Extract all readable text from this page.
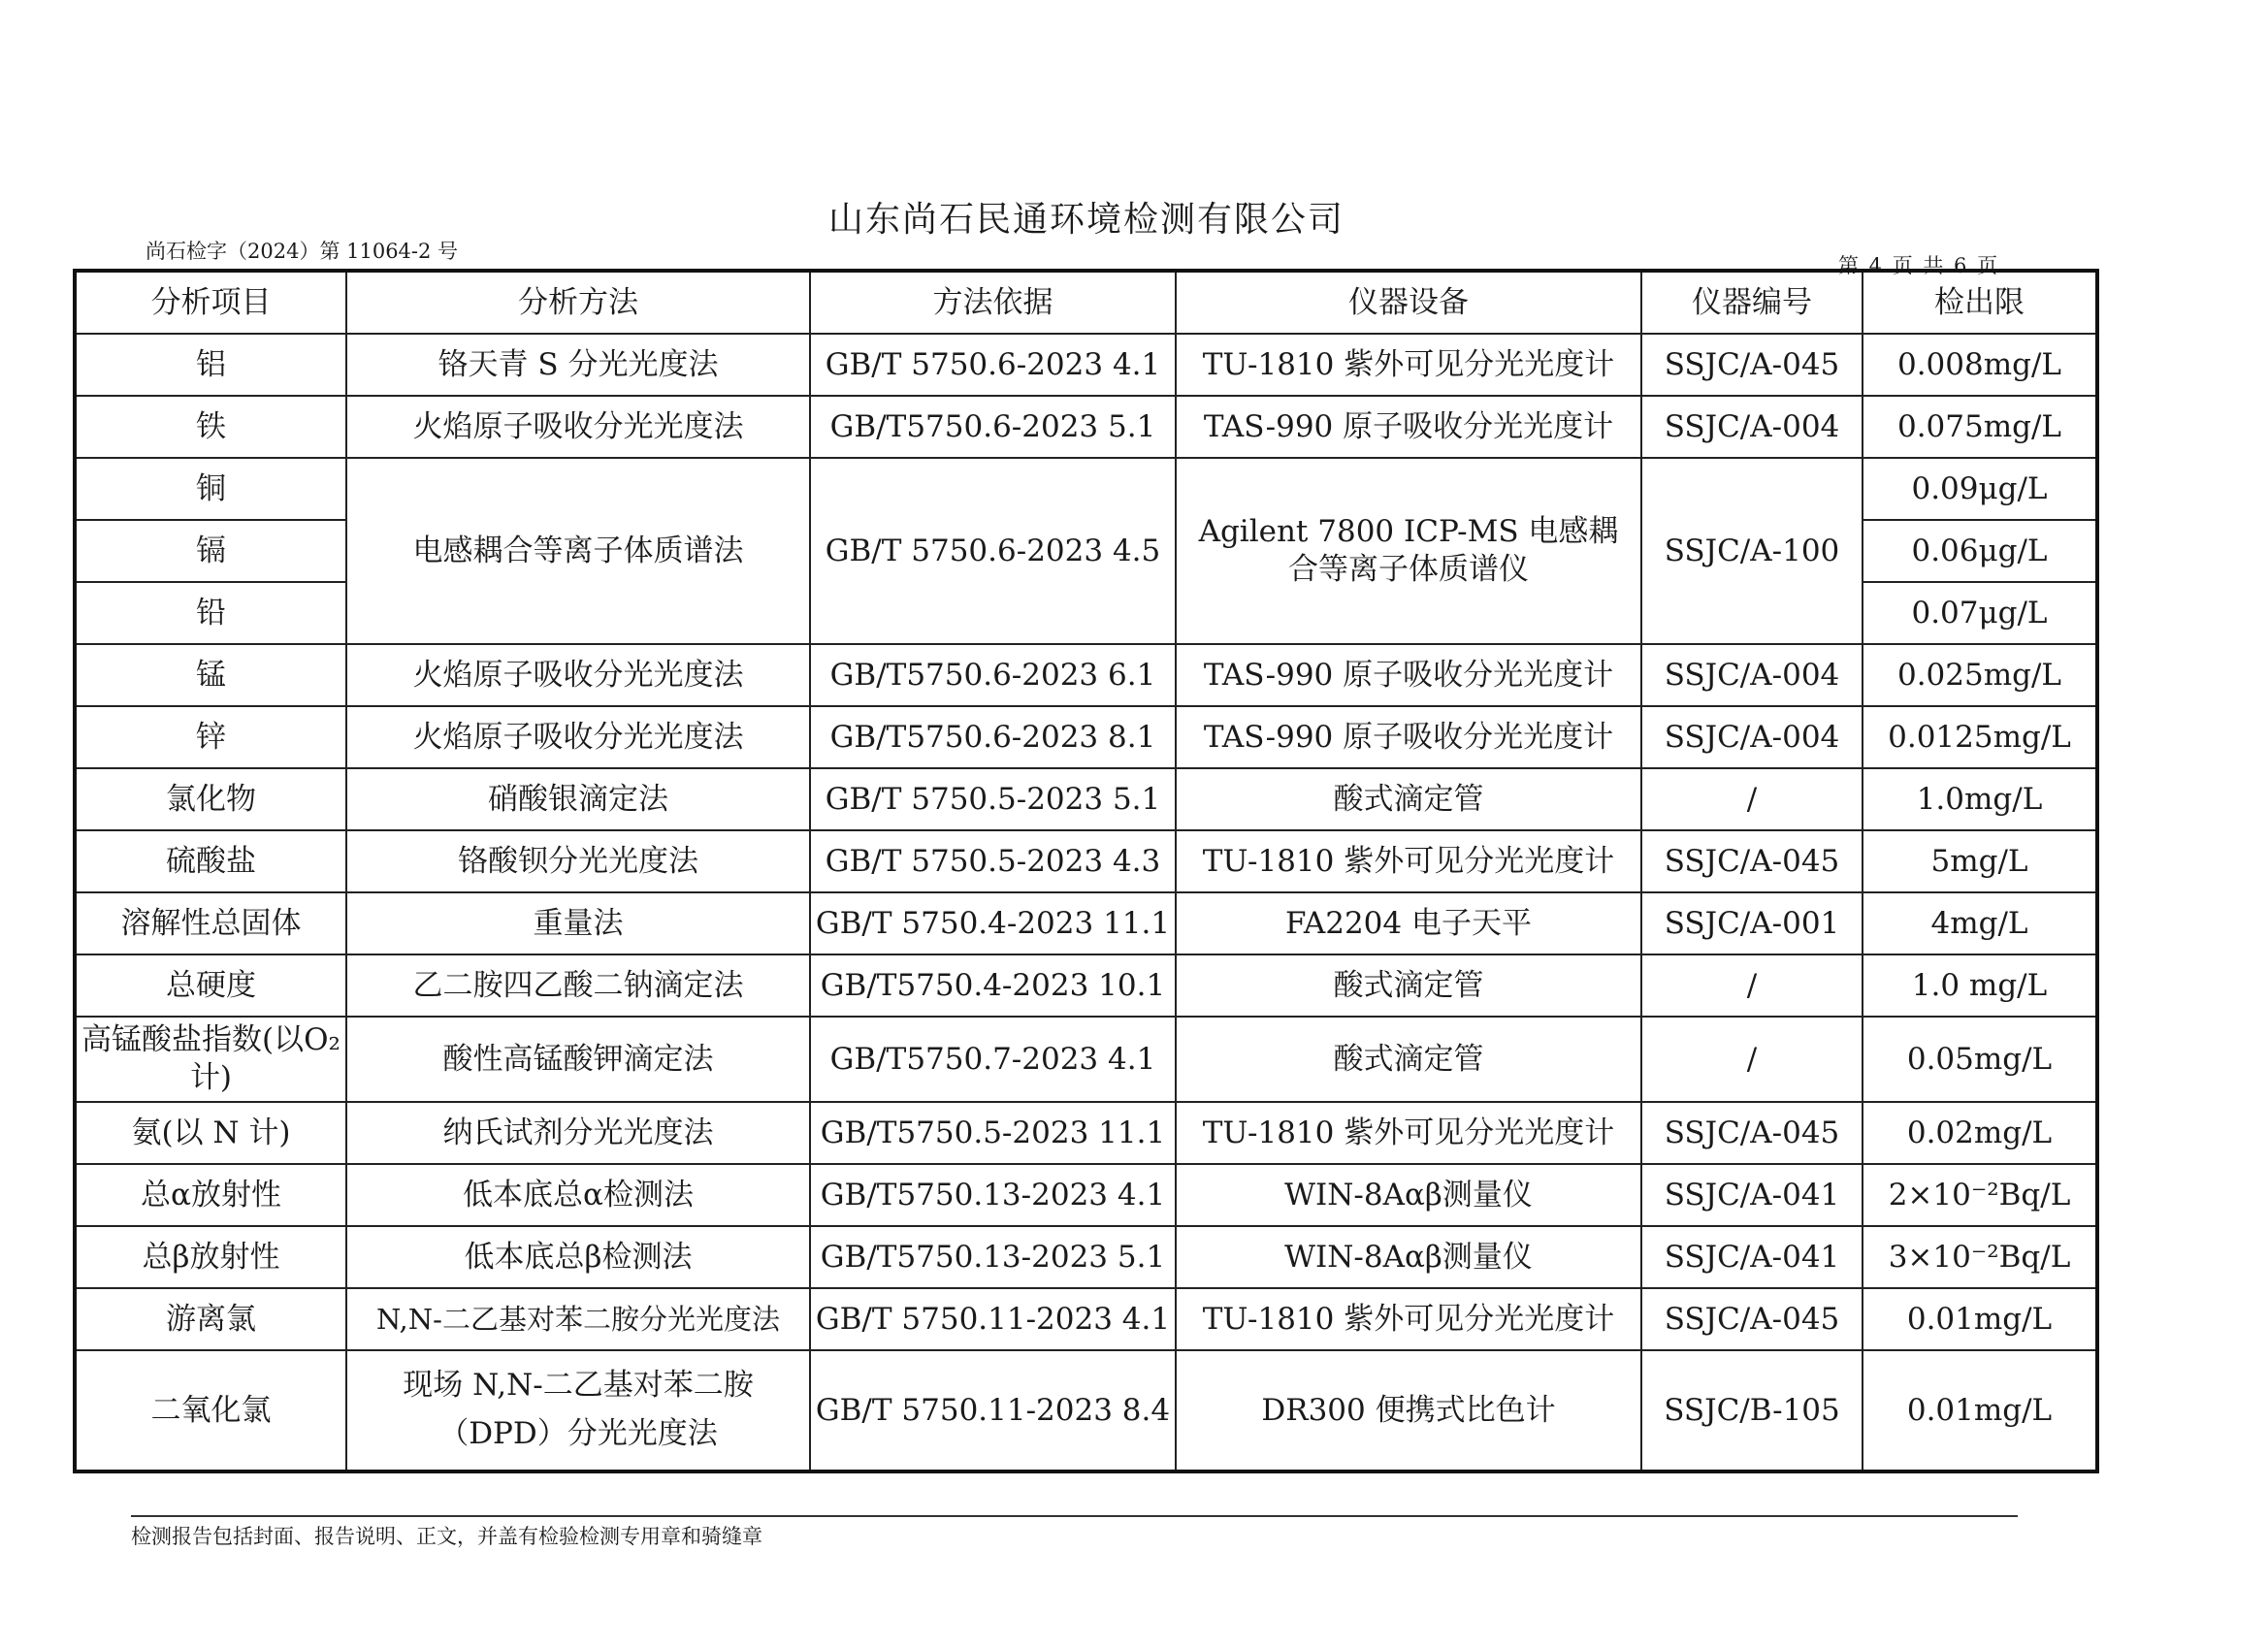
山东尚石民通环境检测有限公司
尚石检字（2024）第 11064-2 号
第 4 页 共 6 页
分析项目	分析方法	方法依据	仪器设备	仪器编号	检出限
铝	铬天青 S 分光光度法	GB/T 5750.6-2023 4.1	TU-1810 紫外可见分光光度计	SSJC/A-045	0.008mg/L
铁	火焰原子吸收分光光度法	GB/T5750.6-2023 5.1	TAS-990 原子吸收分光光度计	SSJC/A-004	0.075mg/L
铜	电感耦合等离子体质谱法	GB/T 5750.6-2023 4.5	Agilent 7800 ICP-MS 电感耦合等离子体质谱仪	SSJC/A-100	0.09μg/L
镉					0.06μg/L
铅					0.07μg/L
锰	火焰原子吸收分光光度法	GB/T5750.6-2023 6.1	TAS-990 原子吸收分光光度计	SSJC/A-004	0.025mg/L
锌	火焰原子吸收分光光度法	GB/T5750.6-2023 8.1	TAS-990 原子吸收分光光度计	SSJC/A-004	0.0125mg/L
氯化物	硝酸银滴定法	GB/T 5750.5-2023 5.1	酸式滴定管	/	1.0mg/L
硫酸盐	铬酸钡分光光度法	GB/T 5750.5-2023 4.3	TU-1810 紫外可见分光光度计	SSJC/A-045	5mg/L
溶解性总固体	重量法	GB/T 5750.4-2023 11.1	FA2204 电子天平	SSJC/A-001	4mg/L
总硬度	乙二胺四乙酸二钠滴定法	GB/T5750.4-2023 10.1	酸式滴定管	/	1.0 mg/L
高锰酸盐指数(以O₂计)	酸性高锰酸钾滴定法	GB/T5750.7-2023 4.1	酸式滴定管	/	0.05mg/L
氨(以 N 计)	纳氏试剂分光光度法	GB/T5750.5-2023 11.1	TU-1810 紫外可见分光光度计	SSJC/A-045	0.02mg/L
总α放射性	低本底总α检测法	GB/T5750.13-2023 4.1	WIN-8Aαβ测量仪	SSJC/A-041	2×10⁻²Bq/L
总β放射性	低本底总β检测法	GB/T5750.13-2023 5.1	WIN-8Aαβ测量仪	SSJC/A-041	3×10⁻²Bq/L
游离氯	N,N-二乙基对苯二胺分光光度法	GB/T 5750.11-2023 4.1	TU-1810 紫外可见分光光度计	SSJC/A-045	0.01mg/L
二氧化氯	现场 N,N-二乙基对苯二胺（DPD）分光光度法	GB/T 5750.11-2023 8.4	DR300 便携式比色计	SSJC/B-105	0.01mg/L
检测报告包括封面、报告说明、正文，并盖有检验检测专用章和骑缝章
